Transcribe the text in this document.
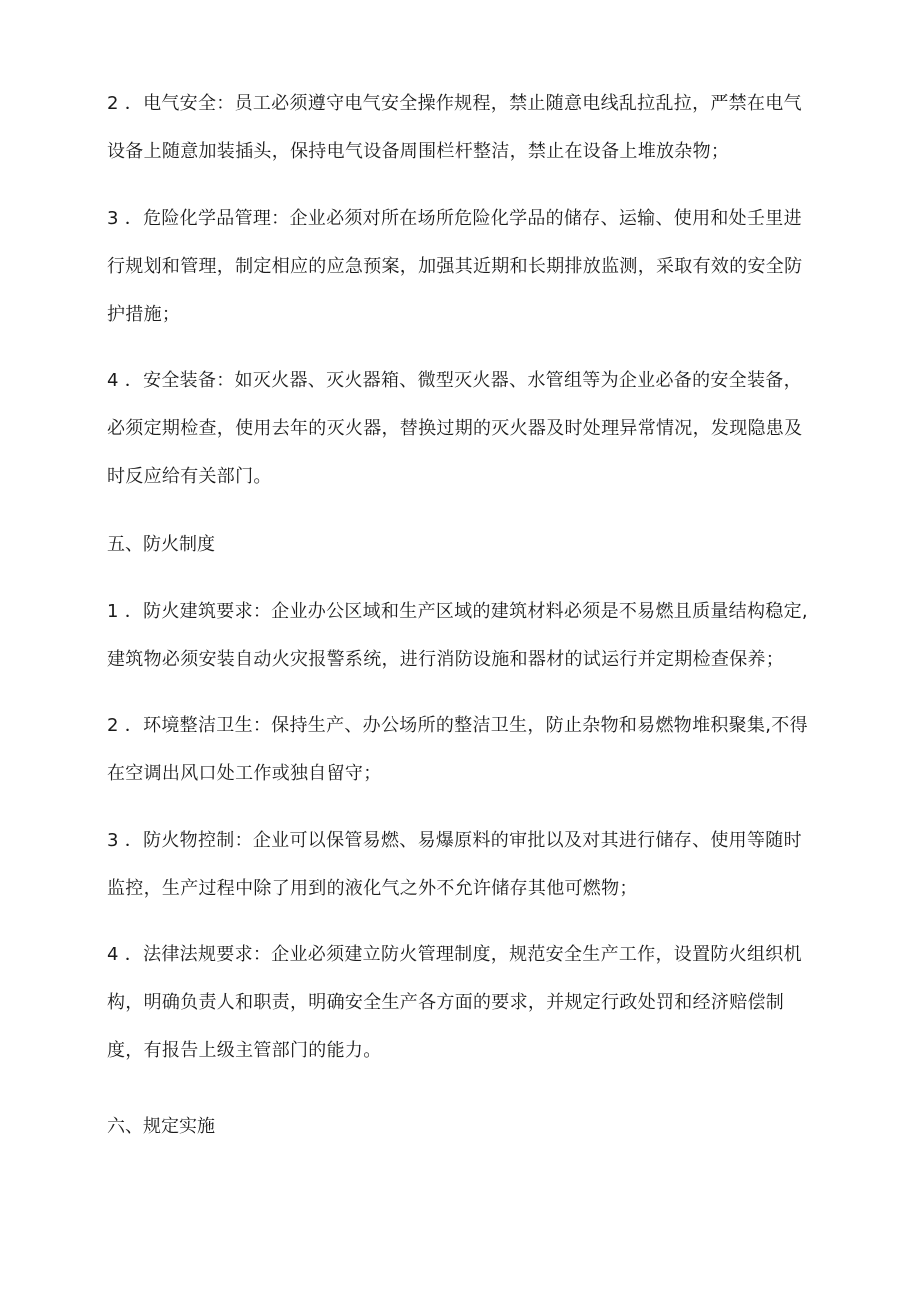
2 ．电气安全：员工必须遵守电气安全操作规程，禁止随意电线乱拉乱拉，严禁在电气

设备上随意加装插头，保持电气设备周围栏杆整洁，禁止在设备上堆放杂物；

3 ．危险化学品管理：企业必须对所在场所危险化学品的储存、运输、使用和处壬里进

行规划和管理，制定相应的应急预案，加强其近期和长期排放监测，采取有效的安全防

护措施；

4 ．安全装备：如灭火器、灭火器箱、微型灭火器、水管组等为企业必备的安全装备，

必须定期检查，使用去年的灭火器，替换过期的灭火器及时处理异常情况，发现隐患及

时反应给有关部门。

五、防火制度

1 ．防火建筑要求：企业办公区域和生产区域的建筑材料必须是不易燃且质量结构稳定,

建筑物必须安装自动火灾报警系统，进行消防设施和器材的试运行并定期检查保养；

2 ．环境整洁卫生：保持生产、办公场所的整洁卫生，防止杂物和易燃物堆积聚集,不得

在空调出风口处工作或独自留守；

3 ．防火物控制：企业可以保管易燃、易爆原料的审批以及对其进行储存、使用等随时

监控，生产过程中除了用到的液化气之外不允许储存其他可燃物；

4 ．法律法规要求：企业必须建立防火管理制度，规范安全生产工作，设置防火组织机

构，明确负责人和职责，明确安全生产各方面的要求，并规定行政处罚和经济赔偿制

度，有报告上级主管部门的能力。

六、规定实施
